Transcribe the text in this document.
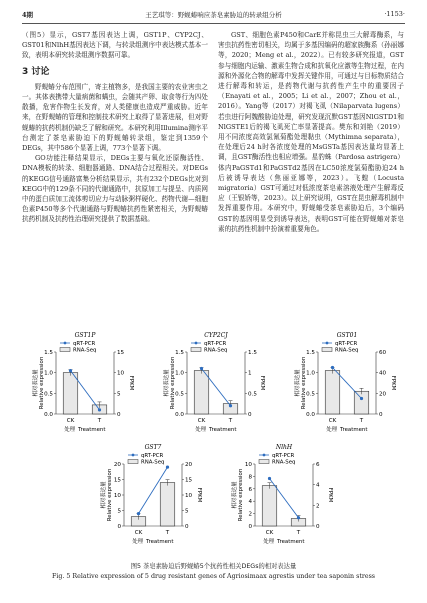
4期	王艺琪等：野蚬蝽响应茶皂素胁迫的转录组分析	·1153·

（图5）显示，GST7基因表达上调，GST1P、CYP2CJ、GST01和NlhH基因表达下调，与转录组测序中表达模式基本一致，表明本研究转录组测序数据可靠。

3 讨论

野蚬蝽分布范围广，寄主植物多，是我国主要的农业害虫之一。其体表携带大量病菌和螨虫，会随其产卵、取食等行为四处散播，危害作物生长发育，对人类健康也造成严重威胁。近年来，在野蚬蝽的管理和控制技术研究上取得了显著进展，但对野蚬蝽的抗药机制仍缺乏了解和研究。本研究利用Illumina测序平台测定了茶皂素胁迫下的野蚬蝽转录组，鉴定到1359个DEGs，其中586个显著上调，773个显著下调。

GO功能注释结果显示，DEGs主要与氧化还原酶活性、DNA模板的转录、细胞器通路、DNA结合过程相关。对DEGs的KEGG信号通路富集分析结果显示，共有232个DEGs比对到KEGG中的129条不同的代谢通路中，抗原加工与提呈、内质网中的蛋白质加工流体剪切应力与动脉粥样硬化、药物代谢—细胞色素P450等多个代谢通路与野蚬蝽抗药性紧密相关，为野蚬蝽抗药机制及抗药性治理研究提供了数据基础。

GST、细胞色素P450和CarE并称昆虫三大解毒酶系，与害虫抗药性密切相关，均属于多基因编码的超家族酶系（孙丽娜等，2020；Meng et al.，2022）。已有较多研究报道，GST参与细胞内运输、激素生物合成和抗氧化应激等生物过程，在内源和外源化合物的解毒中发挥关键作用，可通过与目标物质结合进行解毒和转运，是药物代谢与抗药性产生中的重要因子（Enayati et al.，2005；Li et al.，2007；Zhou et al.，2016）。Yang等（2017）对褐飞虱（Nilaparvata lugens）若虫进行阿魏酸胁迫处理，研究发现沉默GST基因NlGSTD1和NlGSTE1后的褐飞虱死亡率显著提高。樊东和刘艳（2019）用不同浓度高效氯氰菊酯处理黏虫（Mythimna separata），在处理后24 h时各浓度处理的MsGSTa基因表达量均显著上调，且GST酶活性也相应增强。星豹蛛（Pardosa astrigera）体内PaGSTd1和PaGSTd2基因在LC50浓度氯菊酯胁迫24 h后被诱导表达（焦丽亚娜等，2023）。飞蝗（Locusta migratoria）GST可通过对低浓度茶皂素溶液处理产生解毒反应（王银娇等，2023）。以上研究说明，GST在昆虫解毒机制中发挥重要作用。本研究中，野蚬蝽受茶皂素胁迫后，3个编码GST的基因明显受到诱导表达，表明GST可能在野蚬蝽对茶皂素的抗药性机制中扮演着重要角色。

GST1P
qRT-PCR
RNA-Seq
0.0
0.5
1.0
1.5
0
5
10
15
CK	T
相对表达量 Relative expression	FPKM
处理 Treatment
CYP2CJ
qRT-PCR
RNA-Seq
0.0
0.5
1.0
1.5
0
0.5
1
1.5
CK	T
相对表达量 Relative expression	FPKM
处理 Treatment
GST01
qRT-PCR
RNA-Seq
0.0
0.5
1.0
1.5
0
20
40
60
CK	T
相对表达量 Relative expression	FPKM
处理 Treatment
GST7
qRT-PCR
RNA-Seq
0
5
10
15
20
0
5
10
15
20
CK	T
相对表达量 Relative expression	FPKM
处理 Treatment
NlhH
qRT-PCR
RNA-Seq
0
2
4
6
8
10
0
2
4
6
CK	T
相对表达量 Relative expression	FPKM
处理 Treatment
图5 茶皂素胁迫后野蚬蝽5个抗药性相关DEGs的相对表达量
Fig. 5 Relative expression of 5 drug resistant genes of Agriosimaax agrestis under tea saponin stress
